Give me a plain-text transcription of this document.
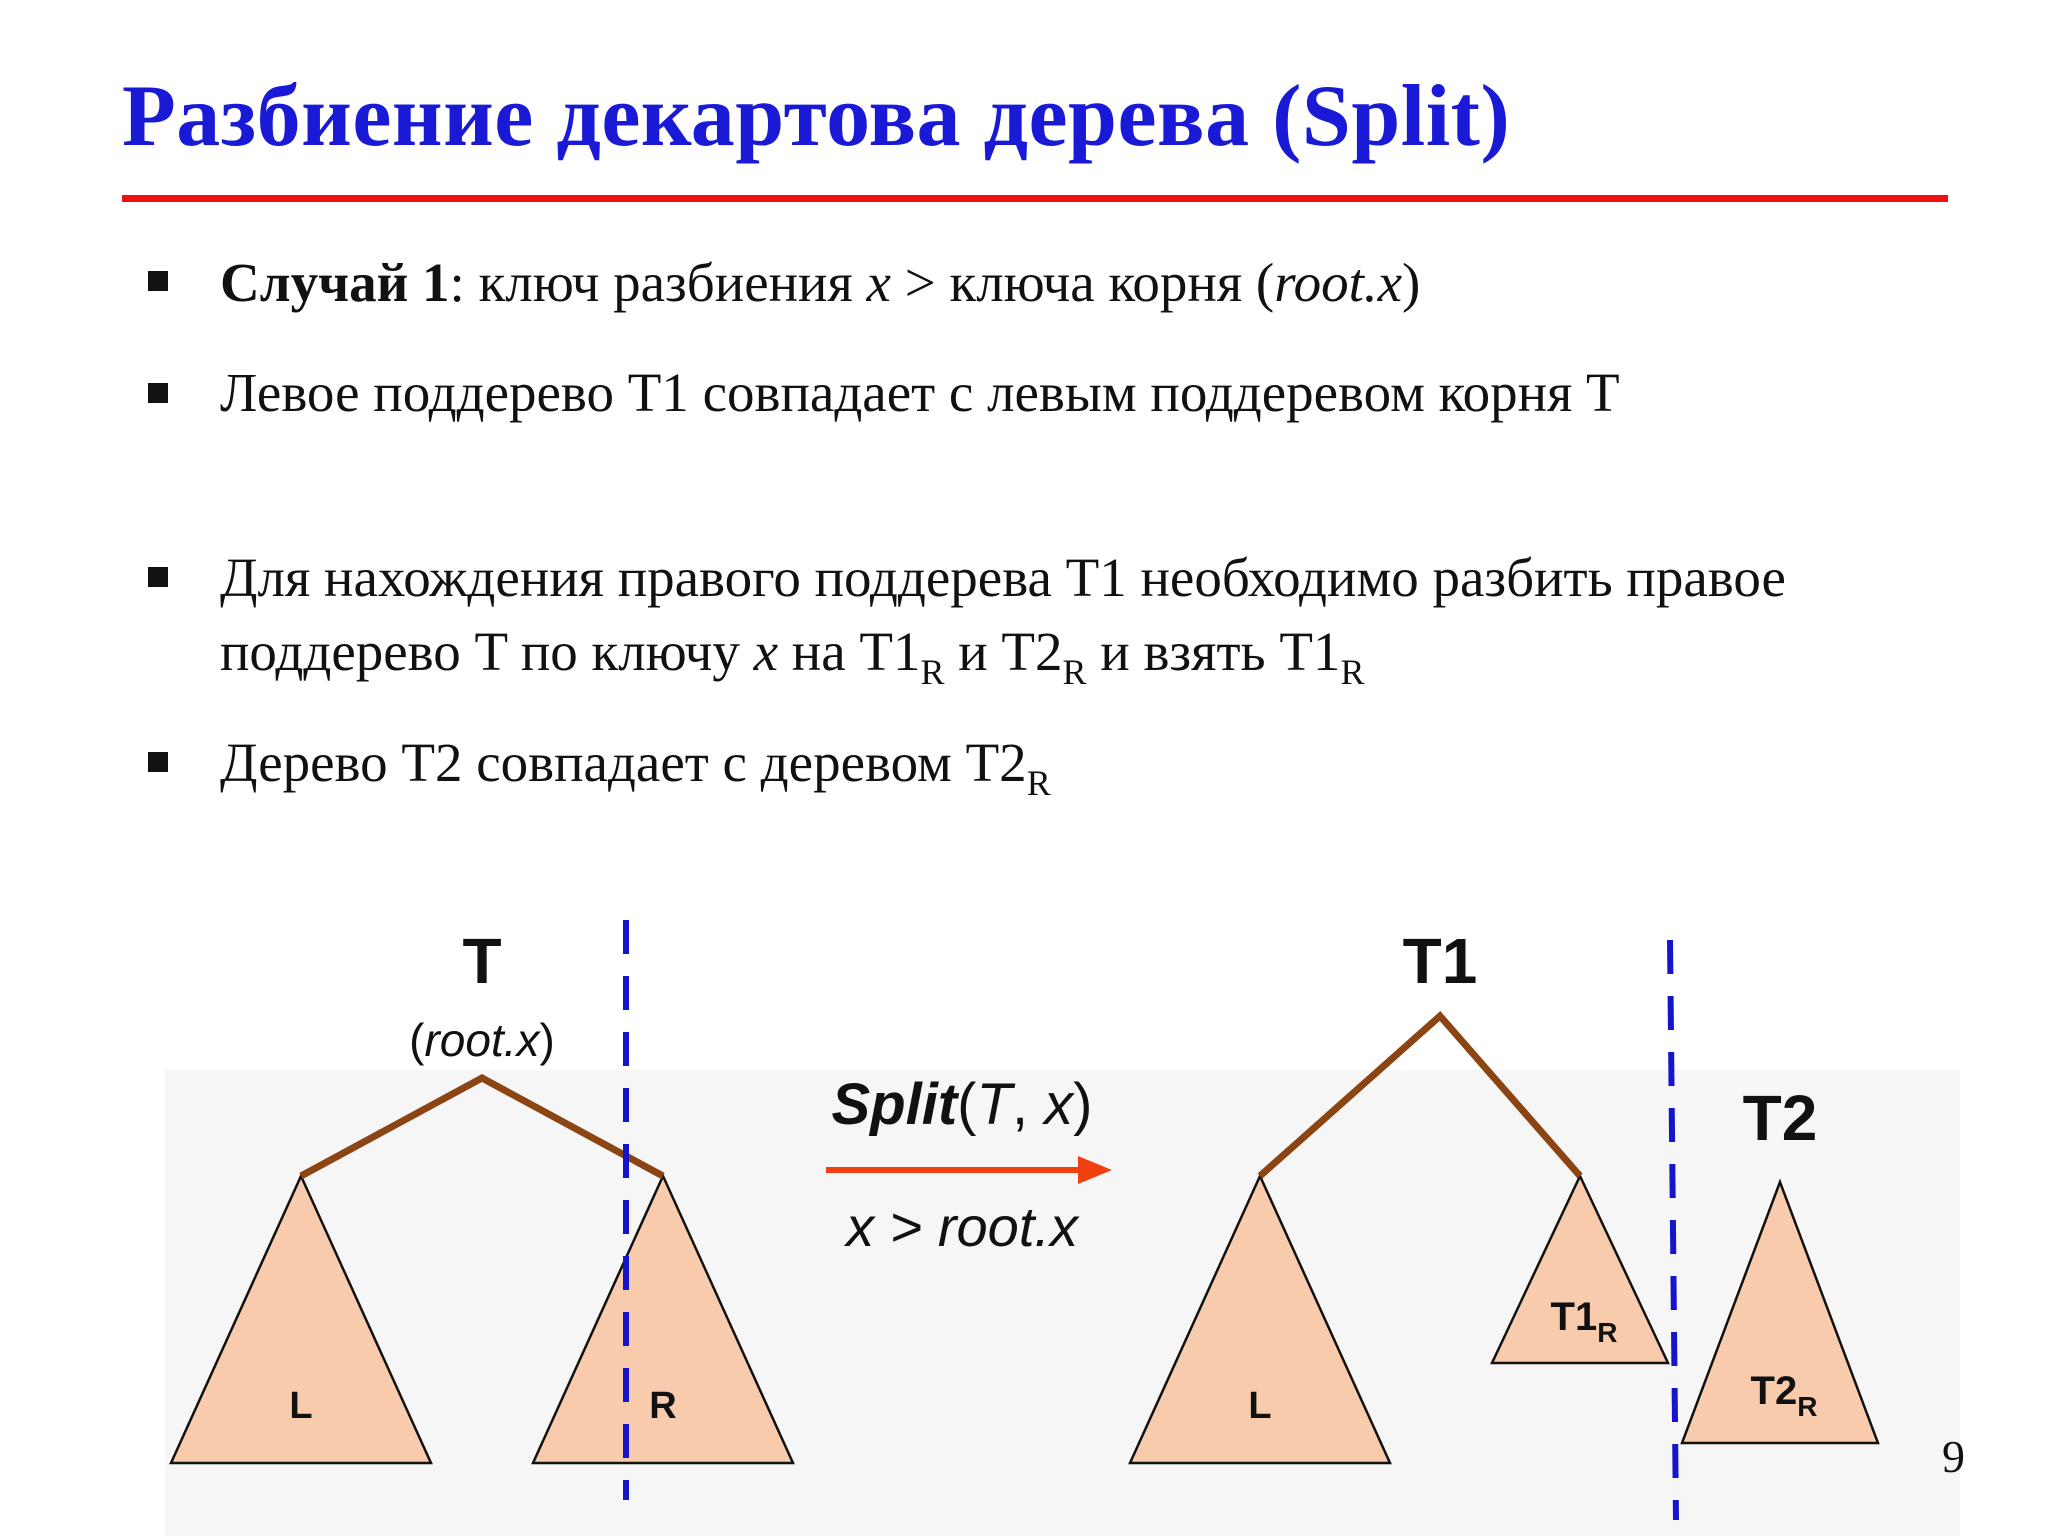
Разбиение декартова дерева (Split)
Случай 1: ключ разбиения x > ключа корня (root.x)
Левое поддерево T1 совпадает с левым поддеревом корня T
Для нахождения правого поддерева T1 необходимо разбить правое поддерево T по ключу x на $T1_R$ и $T2_R$ и взять $T1_R$
Дерево T2 совпадает с деревом $T2_R$
T
(root.x)
L	R
Split(T, x)
x > root.x
T1
L
$T1_R$
T2
$T2_R$
9
